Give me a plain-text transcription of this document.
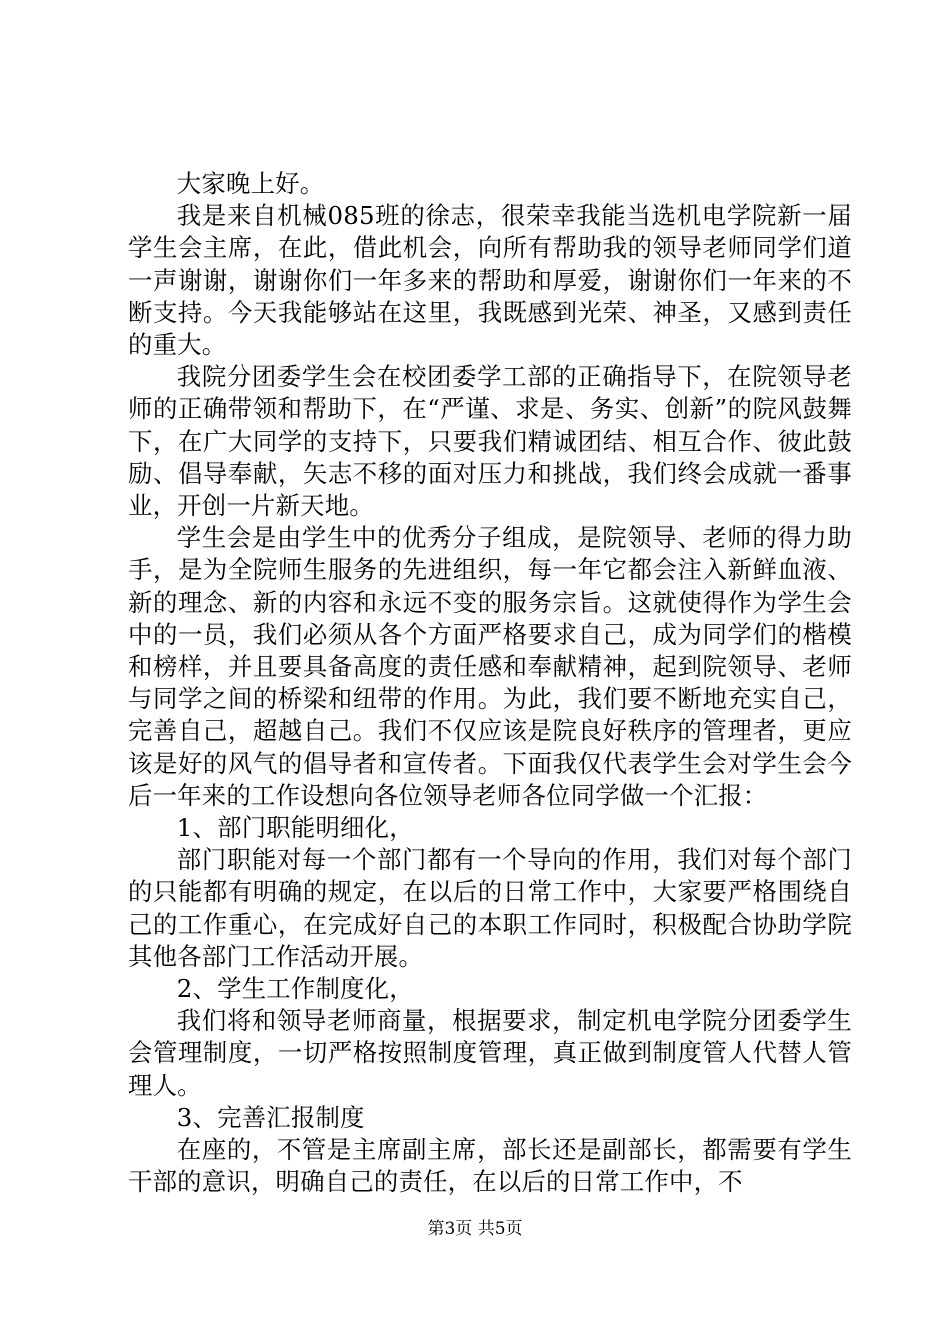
大家晚上好。

我是来自机械085班的徐志，很荣幸我能当选机电学院新一届学生会主席，在此，借此机会，向所有帮助我的领导老师同学们道一声谢谢，谢谢你们一年多来的帮助和厚爱，谢谢你们一年来的不断支持。今天我能够站在这里，我既感到光荣、神圣，又感到责任的重大。

我院分团委学生会在校团委学工部的正确指导下，在院领导老师的正确带领和帮助下，在“严谨、求是、务实、创新”的院风鼓舞下，在广大同学的支持下，只要我们精诚团结、相互合作、彼此鼓励、倡导奉献，矢志不移的面对压力和挑战，我们终会成就一番事业，开创一片新天地。

学生会是由学生中的优秀分子组成，是院领导、老师的得力助手，是为全院师生服务的先进组织，每一年它都会注入新鲜血液、新的理念、新的内容和永远不变的服务宗旨。这就使得作为学生会中的一员，我们必须从各个方面严格要求自己，成为同学们的楷模和榜样，并且要具备高度的责任感和奉献精神，起到院领导、老师与同学之间的桥梁和纽带的作用。为此，我们要不断地充实自己，完善自己，超越自己。我们不仅应该是院良好秩序的管理者，更应该是好的风气的倡导者和宣传者。下面我仅代表学生会对学生会今后一年来的工作设想向各位领导老师各位同学做一个汇报：

1、部门职能明细化，

部门职能对每一个部门都有一个导向的作用，我们对每个部门的只能都有明确的规定，在以后的日常工作中，大家要严格围绕自己的工作重心，在完成好自己的本职工作同时，积极配合协助学院其他各部门工作活动开展。

2、学生工作制度化，

我们将和领导老师商量，根据要求，制定机电学院分团委学生会管理制度，一切严格按照制度管理，真正做到制度管人代替人管理人。

3、完善汇报制度

在座的，不管是主席副主席，部长还是副部长，都需要有学生干部的意识，明确自己的责任，在以后的日常工作中，不

第3页 共5页
